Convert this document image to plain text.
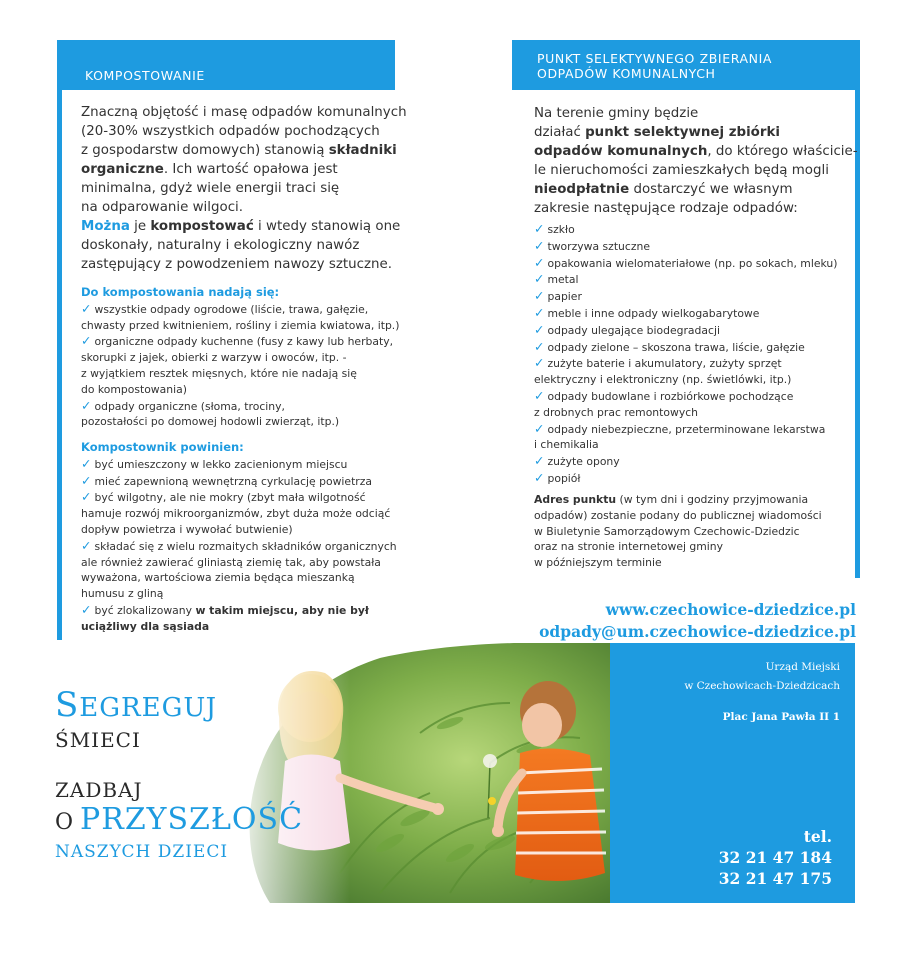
KOMPOSTOWANIE
Znaczną objętość i masę odpadów komunalnych
(20-30% wszystkich odpadów pochodzących
z gospodarstw domowych) stanowią składniki
organiczne. Ich wartość opałowa jest
minimalna, gdyż wiele energii traci się
na odparowanie wilgoci.
Można je kompostować i wtedy stanowią one
doskonały, naturalny i ekologiczny nawóz
zastępujący z powodzeniem nawozy sztuczne.
Do kompostowania nadają się:
✓ wszystkie odpady ogrodowe (liście, trawa, gałęzie,
chwasty przed kwitnieniem, rośliny i ziemia kwiatowa, itp.)
✓ organiczne odpady kuchenne (fusy z kawy lub herbaty,
skorupki z jajek, obierki z warzyw i owoców, itp. -
z wyjątkiem resztek mięsnych, które nie nadają się
do kompostowania)
✓ odpady organiczne (słoma, trociny,
pozostałości po domowej hodowli zwierząt, itp.)
Kompostownik powinien:
✓ być umieszczony w lekko zacienionym miejscu
✓ mieć zapewnioną wewnętrzną cyrkulację powietrza
✓ być wilgotny, ale nie mokry (zbyt mała wilgotność
hamuje rozwój mikroorganizmów, zbyt duża może odciąć
dopływ powietrza i wywołać butwienie)
✓ składać się z wielu rozmaitych składników organicznych
ale również zawierać gliniastą ziemię tak, aby powstała
wyważona, wartościowa ziemia będąca mieszanką
humusu z gliną
✓ być zlokalizowany w takim miejscu, aby nie był
uciążliwy dla sąsiada
PUNKT SELEKTYWNEGO ZBIERANIA
ODPADÓW KOMUNALNYCH
Na terenie gminy będzie
działać punkt selektywnej zbiórki
odpadów komunalnych, do którego właścicie-
le nieruchomości zamieszkałych będą mogli
nieodpłatnie dostarczyć we własnym
zakresie następujące rodzaje odpadów:
✓ szkło
✓ tworzywa sztuczne
✓ opakowania wielomateriałowe (np. po sokach, mleku)
✓ metal
✓ papier
✓ meble i inne odpady wielkogabarytowe
✓ odpady ulegające biodegradacji
✓ odpady zielone – skoszona trawa, liście, gałęzie
✓ zużyte baterie i akumulatory, zużyty sprzęt
elektryczny i elektroniczny (np. świetlówki, itp.)
✓ odpady budowlane i rozbiórkowe pochodzące
z drobnych prac remontowych
✓ odpady niebezpieczne, przeterminowane lekarstwa
i chemikalia
✓ zużyte opony
✓ popiół
Adres punktu (w tym dni i godziny przyjmowania
odpadów) zostanie podany do publicznej wiadomości
w Biuletynie Samorządowym Czechowic-Dziedzic
oraz na stronie internetowej gminy
w późniejszym terminie
www.czechowice-dziedzice.pl
odpady@um.czechowice-dziedzice.pl
Urząd Miejski
w Czechowicach-Dziedzicach
Plac Jana Pawła II 1
tel.
32 21 47 184
32 21 47 175
SEGREGUJ
ŚMIECI
ZADBAJ
O PRZYSZŁOŚĆ
NASZYCH DZIECI
